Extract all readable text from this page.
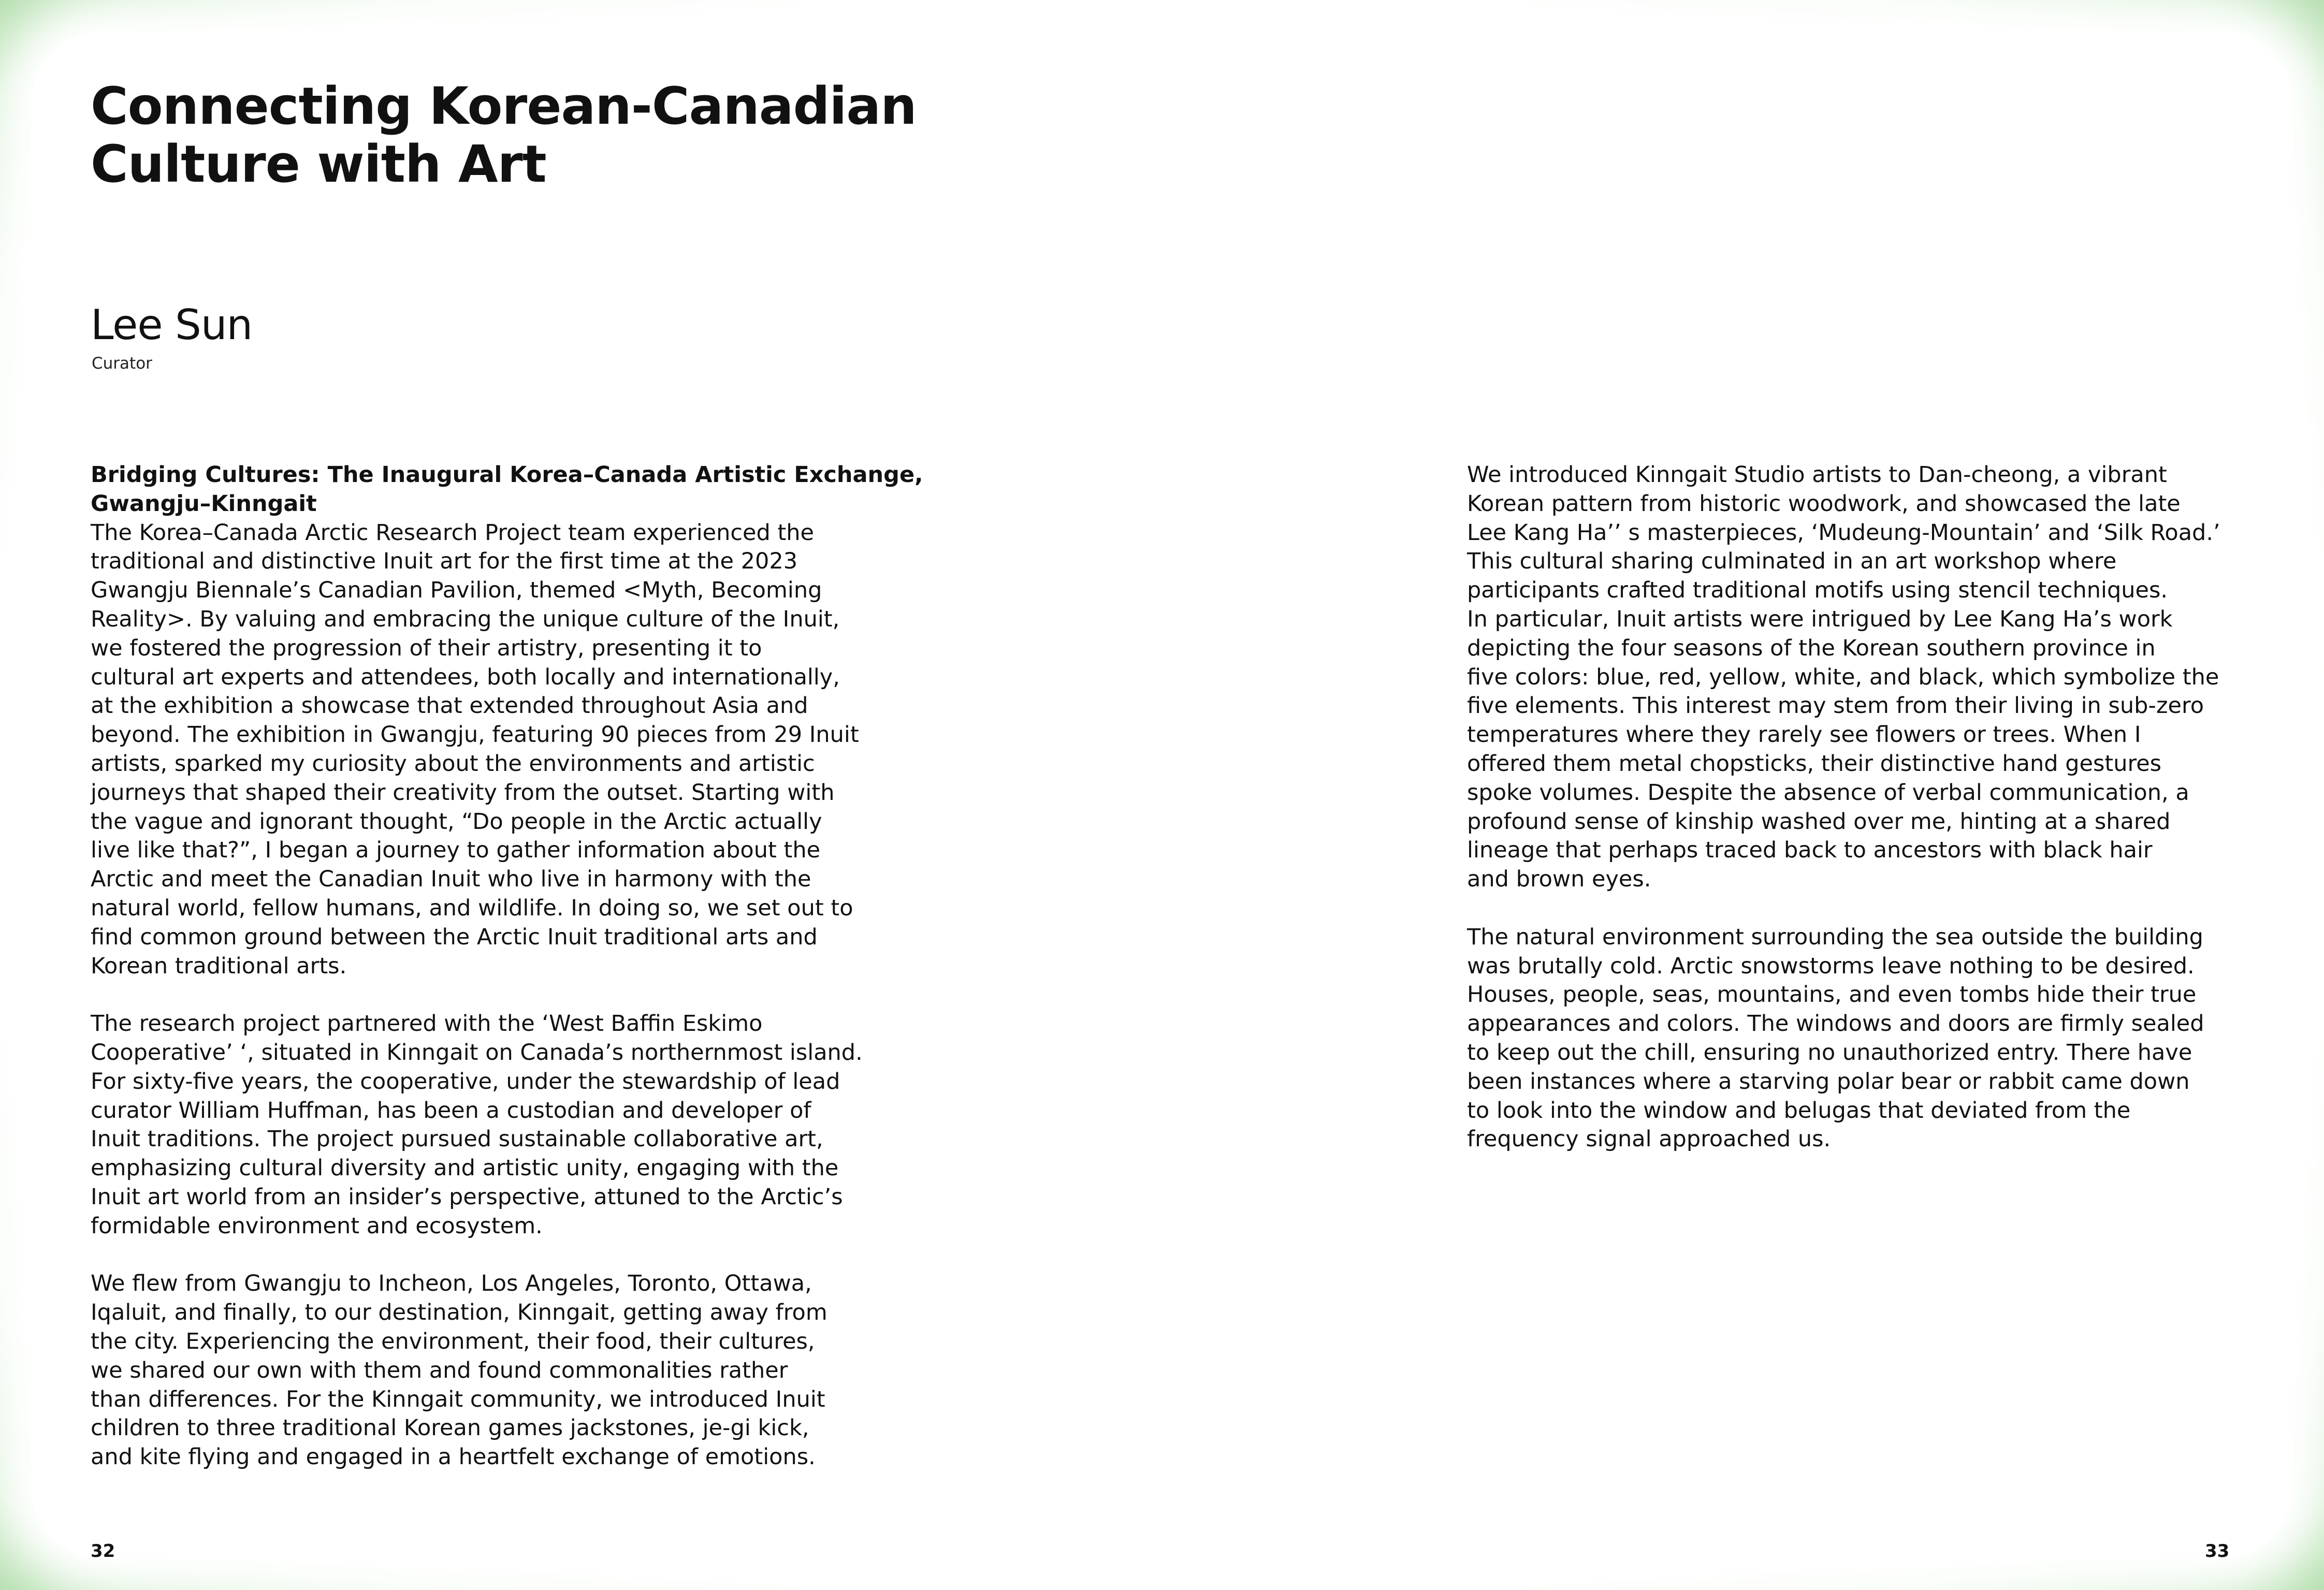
Connecting Korean-Canadian
Culture with Art
Lee Sun
Curator
Bridging Cultures: The Inaugural Korea–Canada Artistic Exchange,
Gwangju–Kinngait
The Korea–Canada Arctic Research Project team experienced the
traditional and distinctive Inuit art for the first time at the 2023
Gwangju Biennale’s Canadian Pavilion, themed <Myth, Becoming
Reality>. By valuing and embracing the unique culture of the Inuit,
we fostered the progression of their artistry, presenting it to
cultural art experts and attendees, both locally and internationally,
at the exhibition a showcase that extended throughout Asia and
beyond. The exhibition in Gwangju, featuring 90 pieces from 29 Inuit
artists, sparked my curiosity about the environments and artistic
journeys that shaped their creativity from the outset. Starting with
the vague and ignorant thought, “Do people in the Arctic actually
live like that?”, I began a journey to gather information about the
Arctic and meet the Canadian Inuit who live in harmony with the
natural world, fellow humans, and wildlife. In doing so, we set out to
find common ground between the Arctic Inuit traditional arts and
Korean traditional arts.
The research project partnered with the ‘West Baffin Eskimo
Cooperative’ ‘, situated in Kinngait on Canada’s northernmost island.
For sixty-five years, the cooperative, under the stewardship of lead
curator William Huffman, has been a custodian and developer of
Inuit traditions. The project pursued sustainable collaborative art,
emphasizing cultural diversity and artistic unity, engaging with the
Inuit art world from an insider’s perspective, attuned to the Arctic’s
formidable environment and ecosystem.
We flew from Gwangju to Incheon, Los Angeles, Toronto, Ottawa,
Iqaluit, and finally, to our destination, Kinngait, getting away from
the city. Experiencing the environment, their food, their cultures,
we shared our own with them and found commonalities rather
than differences. For the Kinngait community, we introduced Inuit
children to three traditional Korean games jackstones, je-gi kick,
and kite flying and engaged in a heartfelt exchange of emotions.
We introduced Kinngait Studio artists to Dan-cheong, a vibrant
Korean pattern from historic woodwork, and showcased the late
Lee Kang Ha’’ s masterpieces, ‘Mudeung-Mountain’ and ‘Silk Road.’
This cultural sharing culminated in an art workshop where
participants crafted traditional motifs using stencil techniques.
In particular, Inuit artists were intrigued by Lee Kang Ha’s work
depicting the four seasons of the Korean southern province in
five colors: blue, red, yellow, white, and black, which symbolize the
five elements. This interest may stem from their living in sub-zero
temperatures where they rarely see flowers or trees. When I
offered them metal chopsticks, their distinctive hand gestures
spoke volumes. Despite the absence of verbal communication, a
profound sense of kinship washed over me, hinting at a shared
lineage that perhaps traced back to ancestors with black hair
and brown eyes.
The natural environment surrounding the sea outside the building
was brutally cold. Arctic snowstorms leave nothing to be desired.
Houses, people, seas, mountains, and even tombs hide their true
appearances and colors. The windows and doors are firmly sealed
to keep out the chill, ensuring no unauthorized entry. There have
been instances where a starving polar bear or rabbit came down
to look into the window and belugas that deviated from the
frequency signal approached us.
32	33
